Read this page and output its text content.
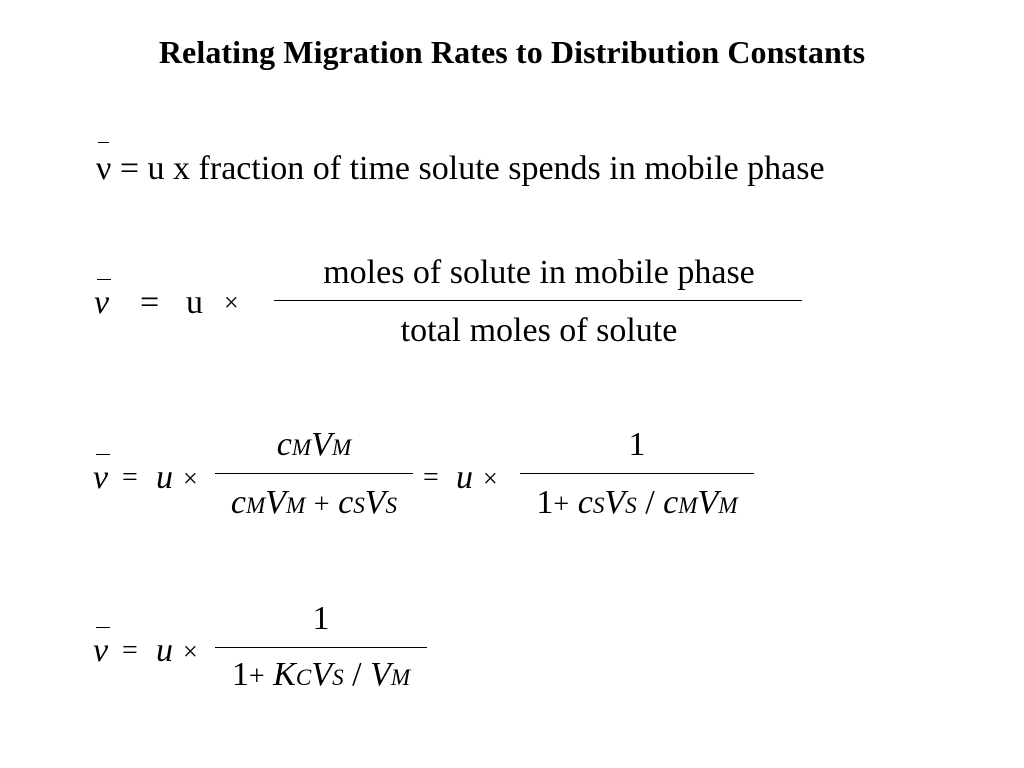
Relating Migration Rates to Distribution Constants
ν = u x fraction of time solute spends in mobile phase
ν = u ×
moles of solute in mobile phase
total moles of solute
ν = u ×
cMVM
cMVM + cSVS
= u ×
1
1+ cSVS / cMVM
ν = u ×
1
1+ KCVS / VM
